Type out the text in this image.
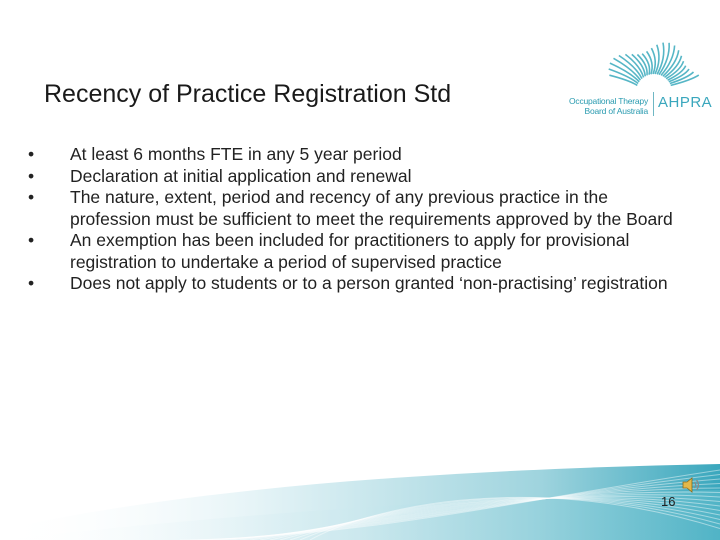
Recency of Practice Registration Std	Occupational Therapy
Board of Australia AHPRA
•	At least 6 months FTE in any 5 year period
•	Declaration at initial application and renewal
•	The nature, extent, period and recency of any previous practice in the profession must be sufficient to meet the requirements approved by the Board
•	An exemption has been included for practitioners to apply for provisional registration to undertake a period of supervised practice
•	Does not apply to students or to a person granted ‘non-practising’ registration
16
